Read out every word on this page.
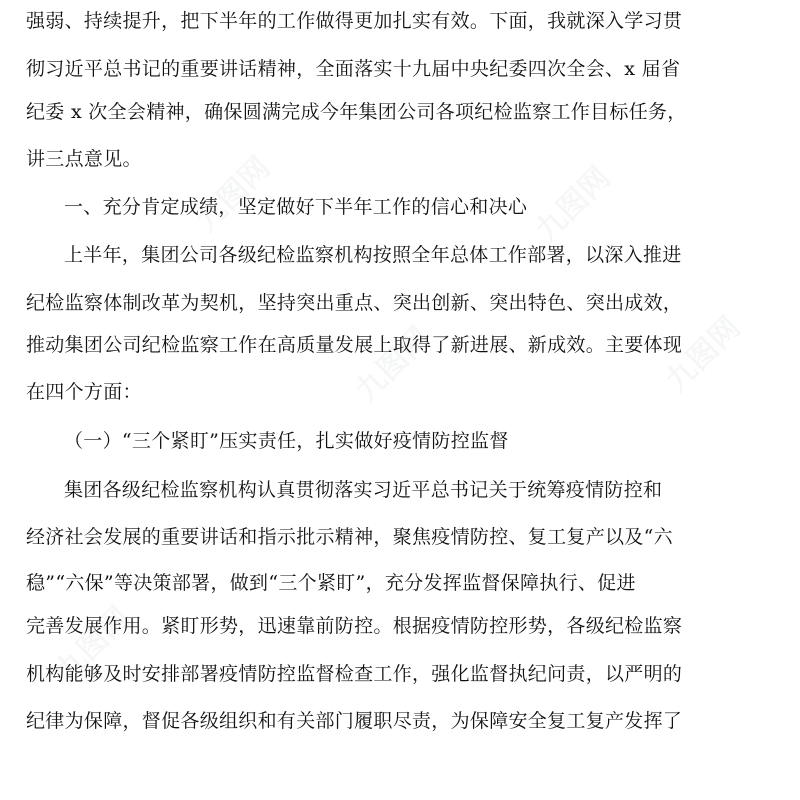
九图网	九图网
九图网	九图网
九图网
强弱、持续提升，把下半年的工作做得更加扎实有效。下面，我就深入学习贯
彻习近平总书记的重要讲话精神，全面落实十九届中央纪委四次全会、x 届省
纪委 x 次全会精神，确保圆满完成今年集团公司各项纪检监察工作目标任务，
讲三点意见。
一、充分肯定成绩，坚定做好下半年工作的信心和决心
上半年，集团公司各级纪检监察机构按照全年总体工作部署，以深入推进
纪检监察体制改革为契机，坚持突出重点、突出创新、突出特色、突出成效，
推动集团公司纪检监察工作在高质量发展上取得了新进展、新成效。主要体现
在四个方面：
（一）“三个紧盯”压实责任，扎实做好疫情防控监督
集团各级纪检监察机构认真贯彻落实习近平总书记关于统筹疫情防控和
经济社会发展的重要讲话和指示批示精神，聚焦疫情防控、复工复产以及“六
稳”“六保”等决策部署，做到“三个紧盯”，充分发挥监督保障执行、促进
完善发展作用。紧盯形势，迅速靠前防控。根据疫情防控形势，各级纪检监察
机构能够及时安排部署疫情防控监督检查工作，强化监督执纪问责，以严明的
纪律为保障，督促各级组织和有关部门履职尽责，为保障安全复工复产发挥了
